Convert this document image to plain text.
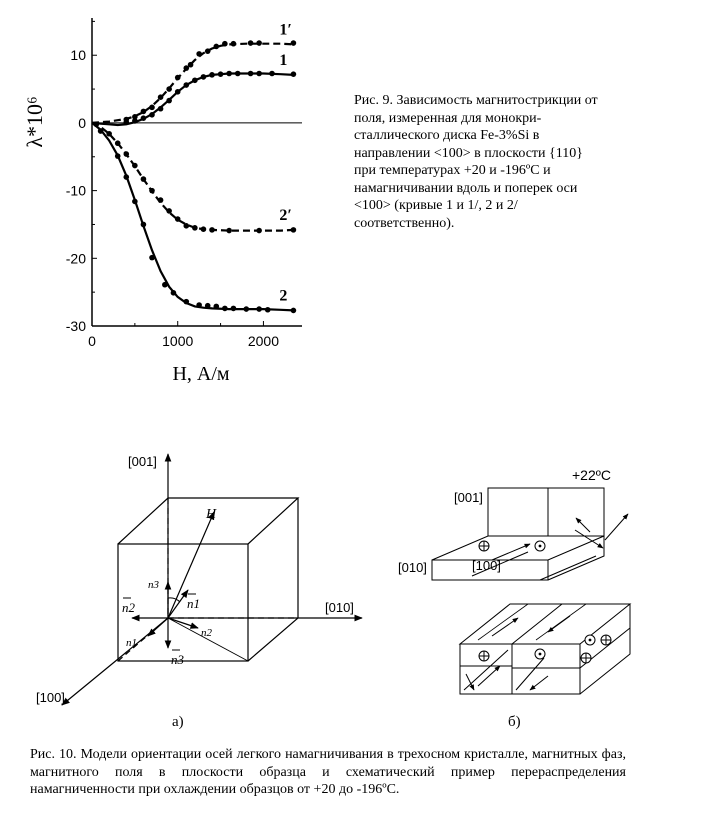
10
0
-10
-20
-30
0	1000	2000
1
1′
2
2′
H, А/м
λ*10⁶	Рис. 9. Зависимость магнитострикции от
поля, измеренная для монокри-
сталлического диска Fe-3%Si в
направлении <100> в плоскости {110}
при температурах +20 и -196ºC и
намагничивании вдоль и поперек оси
<100> (кривые 1 и 1/, 2 и 2/
соответственно).
[001]
[010]
[100]
H
n1
n2
n3
n3
n2
n1
а)
+22ºC
[001]
[010]	[100]
б)
Рис. 10. Модели ориентации осей легкого намагничивания в трехосном кристалле, магнитных фаз, магнитного поля в плоскости образца и схематический пример перераспределения намагниченности при охлаждении образцов от +20 до -196ºC.
